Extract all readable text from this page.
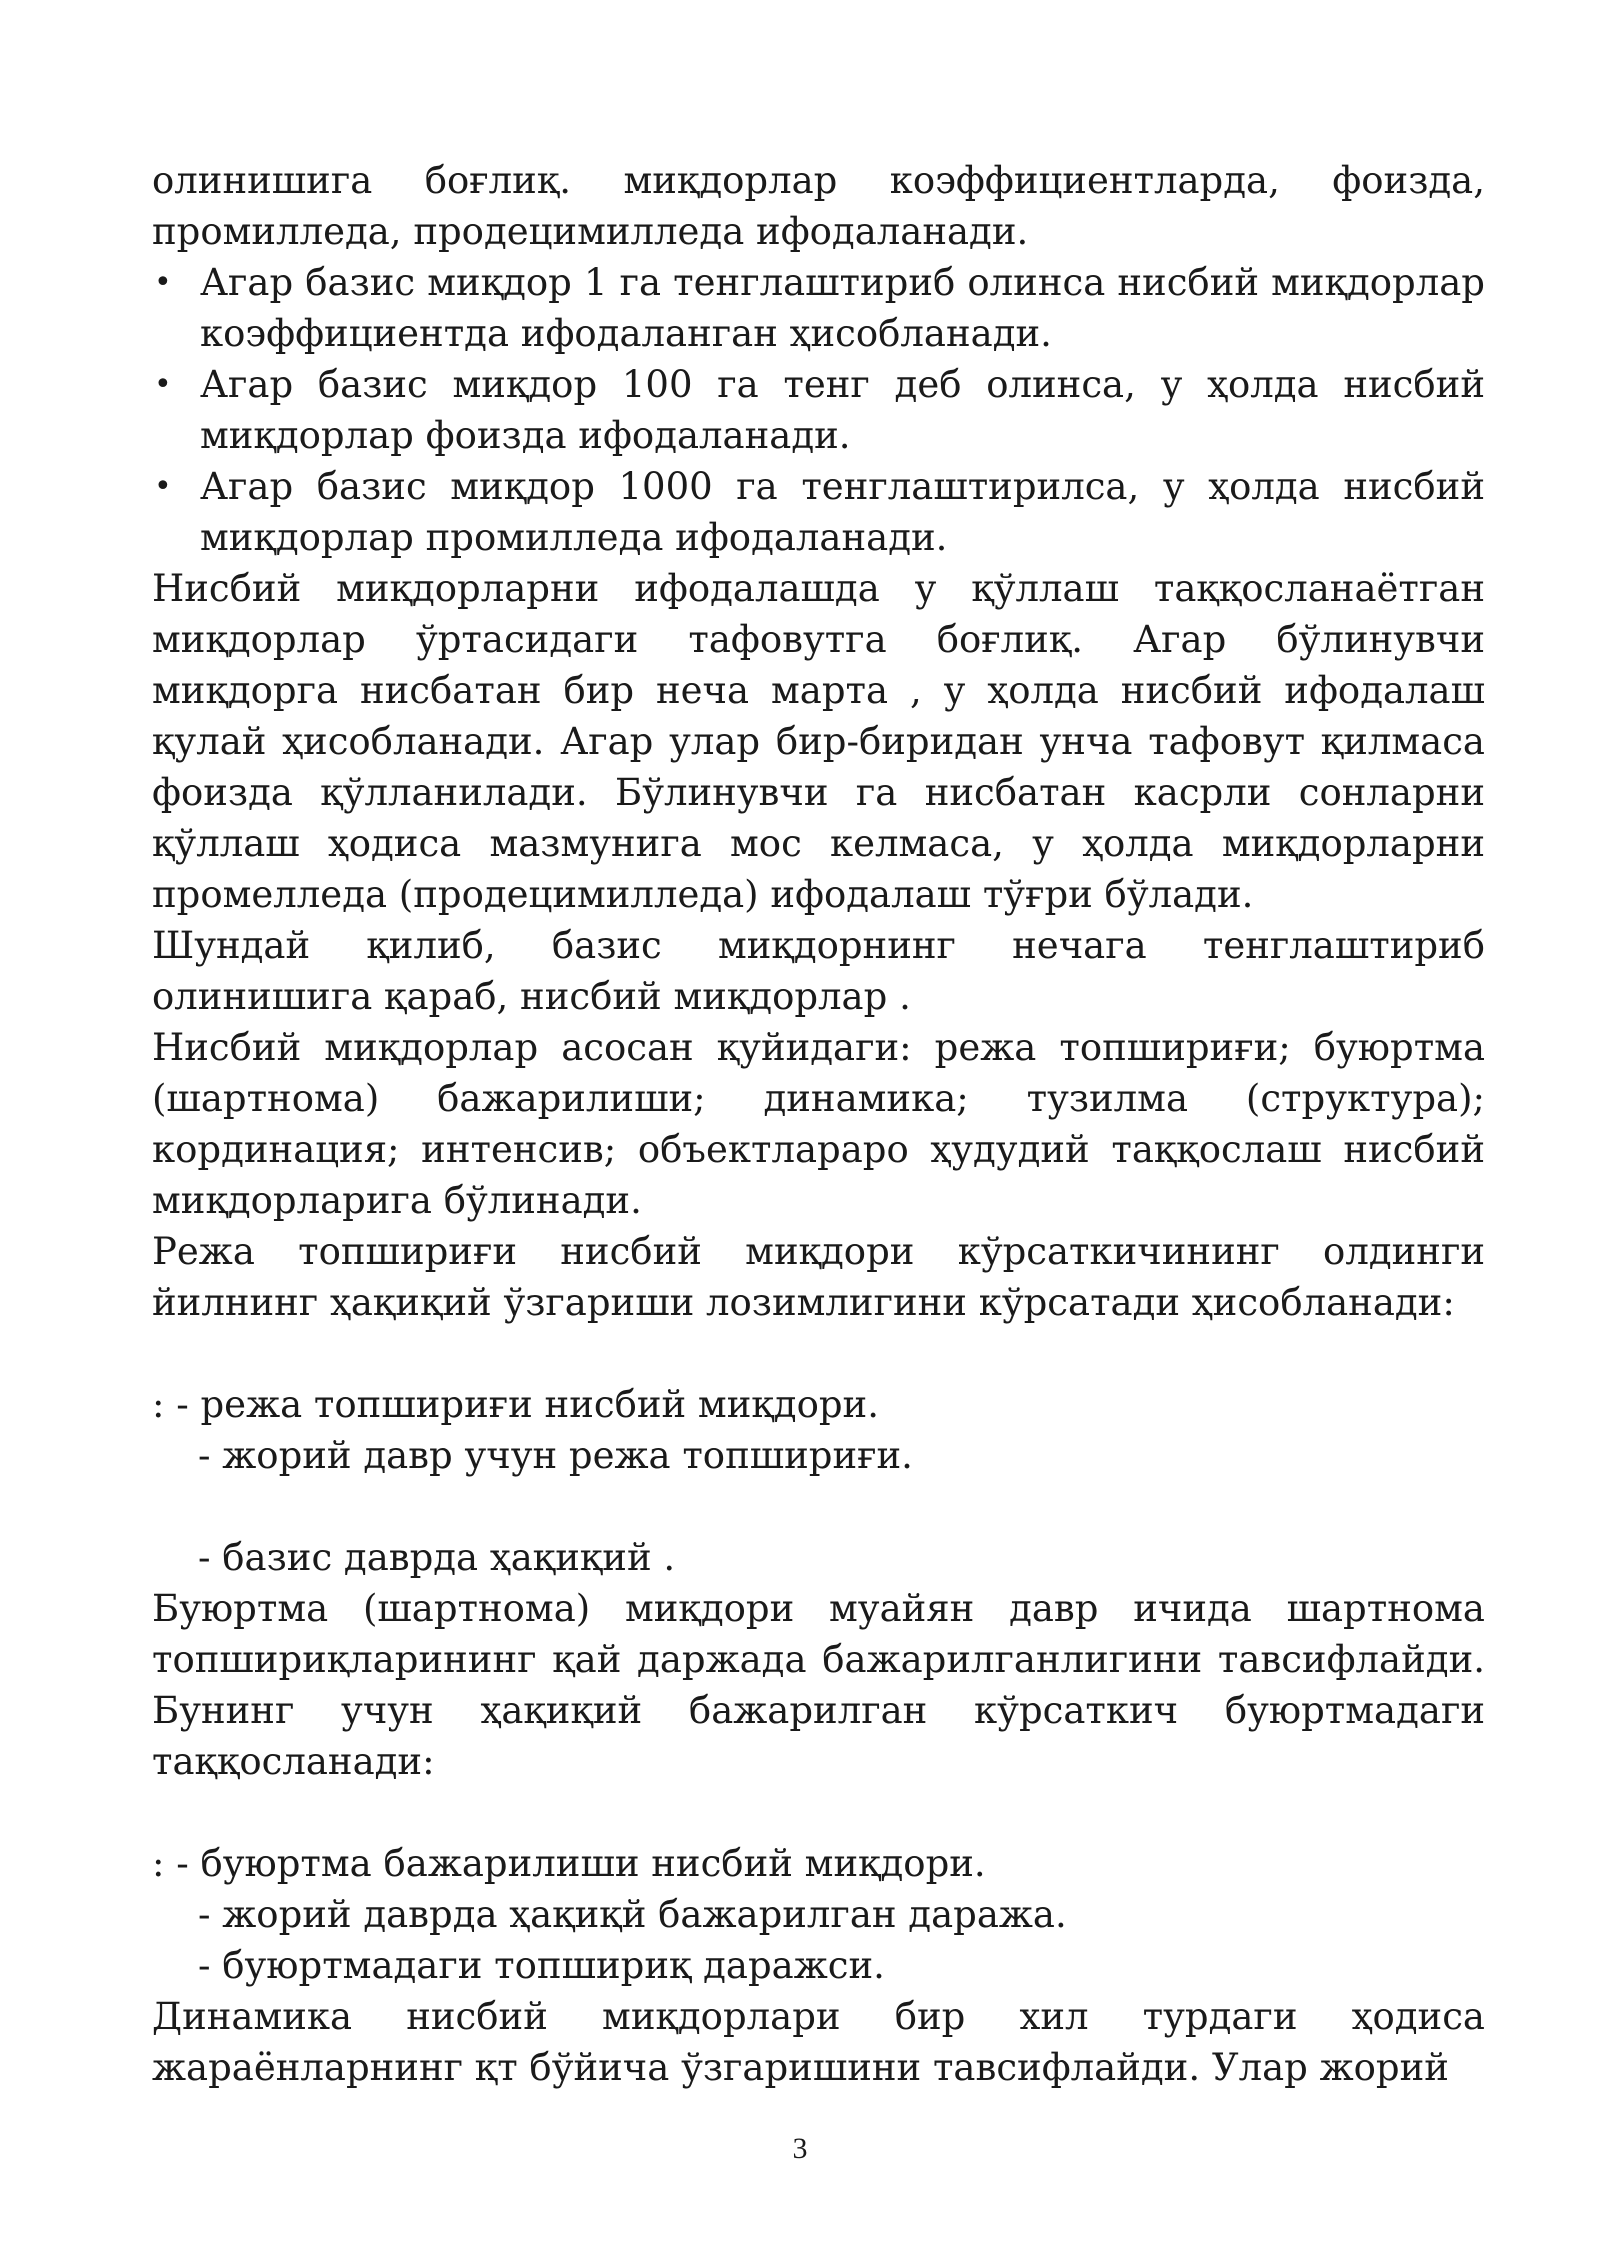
олинишига боғлиқ. миқдорлар коэффициентларда, фоизда, промилледа, продецимилледа ифодаланади.

• Агар базис миқдор 1 га тенглаштириб олинса нисбий миқдорлар коэффициентда ифодаланган ҳисобланади.
• Агар базис миқдор 100 га тенг деб олинса, у ҳолда нисбий миқдорлар фоизда ифодаланади.
• Агар базис миқдор 1000 га тенглаштирилса, у ҳолда нисбий миқдорлар промилледа ифодаланади.

Нисбий миқдорларни ифодалашда у қўллаш таққосланаётган миқдорлар ўртасидаги тафовутга боғлиқ. Агар бўлинувчи миқдорга нисбатан бир неча марта , у ҳолда нисбий ифодалаш қулай ҳисобланади. Агар улар бир-биридан унча тафовут қилмаса фоизда қўлланилади. Бўлинувчи га нисбатан касрли сонларни қўллаш ҳодиса мазмунига мос келмаса, у ҳолда миқдорларни промелледа (продецимилледа) ифодалаш тўғри бўлади.

Шундай қилиб, базис миқдорнинг нечага тенглаштириб олинишига қараб, нисбий миқдорлар .

Нисбий миқдорлар асосан қуйидаги: режа топшириғи; буюртма (шартнома) бажарилиши; динамика; тузилма (структура); кординация; интенсив; объектлараро ҳудудий таққослаш нисбий миқдорларига бўлинади.

Режа топшириғи нисбий миқдори кўрсаткичининг олдинги йилнинг ҳақиқий ўзгариши лозимлигини кўрсатади ҳисобланади:

: - режа топшириғи нисбий миқдори.

- жорий давр учун режа топшириғи.

- базис даврда ҳақиқий .

Буюртма (шартнома) миқдори муайян давр ичида шартнома топшириқларининг қай даржада бажарилганлигини тавсифлайди. Бунинг учун ҳақиқий бажарилган кўрсаткич буюртмадаги таққосланади:

: - буюртма бажарилиши нисбий миқдори.

- жорий даврда ҳақиқй бажарилган даража.

- буюртмадаги топшириқ даражси.

Динамика нисбий миқдорлари бир хил турдаги ҳодиса жараёнларнинг қт бўйича ўзгаришини тавсифлайди. Улар жорий

3
